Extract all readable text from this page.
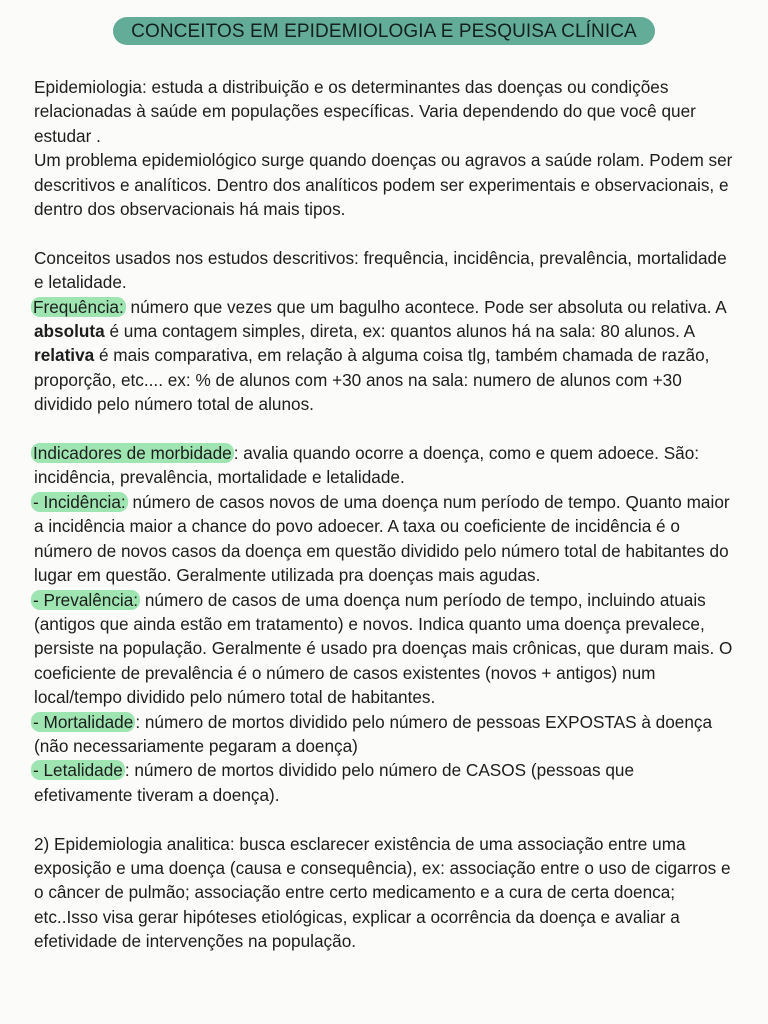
CONCEITOS EM EPIDEMIOLOGIA E PESQUISA CLÍNICA

Epidemiologia: estuda a distribuição e os determinantes das doenças ou condições relacionadas à saúde em populações específicas. Varia dependendo do que você quer estudar .

Um problema epidemiológico surge quando doenças ou agravos a saúde rolam. Podem ser descritivos e analíticos. Dentro dos analíticos podem ser experimentais e observacionais, e dentro dos observacionais há mais tipos.

Conceitos usados nos estudos descritivos: frequência, incidência, prevalência, mortalidade e letalidade.

Frequência: número que vezes que um bagulho acontece. Pode ser absoluta ou relativa. A absoluta é uma contagem simples, direta, ex: quantos alunos há na sala: 80 alunos. A relativa é mais comparativa, em relação à alguma coisa tlg, também chamada de razão, proporção, etc.... ex: % de alunos com +30 anos na sala: numero de alunos com +30 dividido pelo número total de alunos.

Indicadores de morbidade : avalia quando ocorre a doença, como e quem adoece. São: incidência, prevalência, mortalidade e letalidade.

- Incidência: número de casos novos de uma doença num período de tempo. Quanto maior a incidência maior a chance do povo adoecer. A taxa ou coeficiente de incidência é o número de novos casos da doença em questão dividido pelo número total de habitantes do lugar em questão. Geralmente utilizada pra doenças mais agudas.

- Prevalência: número de casos de uma doença num período de tempo, incluindo atuais (antigos que ainda estão em tratamento) e novos. Indica quanto uma doença prevalece, persiste na população. Geralmente é usado pra doenças mais crônicas, que duram mais. O coeficiente de prevalência é o número de casos existentes (novos + antigos) num local/tempo dividido pelo número total de habitantes.

- Mortalidade : número de mortos dividido pelo número de pessoas EXPOSTAS à doença (não necessariamente pegaram a doença)

- Letalidade : número de mortos dividido pelo número de CASOS (pessoas que efetivamente tiveram a doença).

2) Epidemiologia analitica: busca esclarecer existência de uma associação entre uma exposição e uma doença (causa e consequência), ex: associação entre o uso de cigarros e o câncer de pulmão; associação entre certo medicamento e a cura de certa doenca; etc..Isso visa gerar hipóteses etiológicas, explicar a ocorrência da doença e avaliar a efetividade de intervenções na população.
